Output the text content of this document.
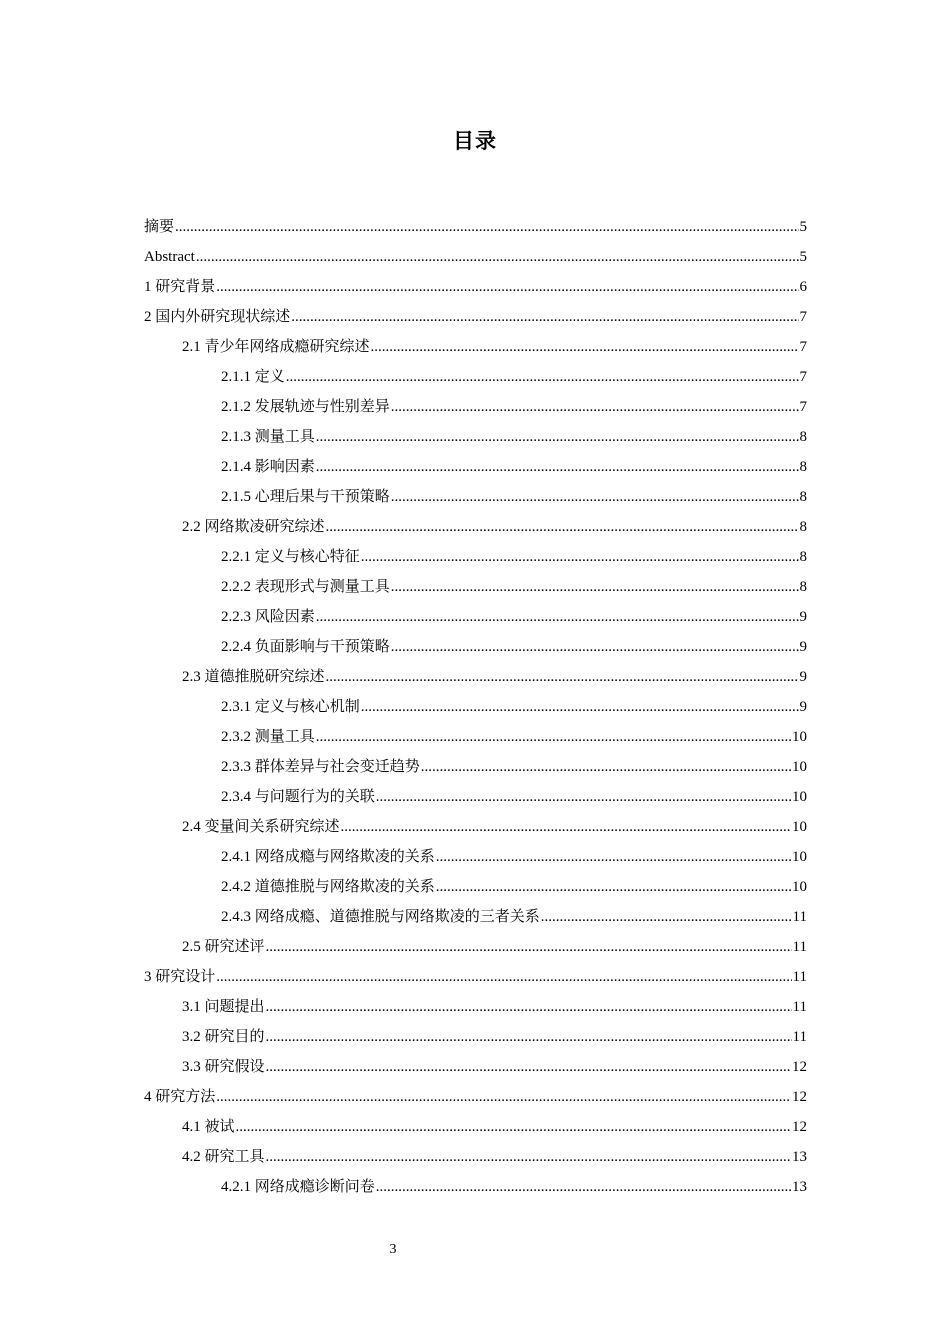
目录
摘要 .....	5
Abstract .....	5
1 研究背景 .....	6
2 国内外研究现状综述 .....	7
2.1 青少年网络成瘾研究综述 .....	7
2.1.1 定义 .....	7
2.1.2 发展轨迹与性别差异 .....	7
2.1.3 测量工具 .....	8
2.1.4 影响因素 .....	8
2.1.5 心理后果与干预策略 .....	8
2.2 网络欺凌研究综述 .....	8
2.2.1 定义与核心特征 .....	8
2.2.2 表现形式与测量工具 .....	8
2.2.3 风险因素 .....	9
2.2.4 负面影响与干预策略 .....	9
2.3 道德推脱研究综述 .....	9
2.3.1 定义与核心机制 .....	9
2.3.2 测量工具 .....	10
2.3.3 群体差异与社会变迁趋势 .....	10
2.3.4 与问题行为的关联 .....	10
2.4 变量间关系研究综述 .....	10
2.4.1 网络成瘾与网络欺凌的关系 .....	10
2.4.2 道德推脱与网络欺凌的关系 .....	10
2.4.3 网络成瘾、道德推脱与网络欺凌的三者关系 .....	11
2.5 研究述评 .....	11
3 研究设计 .....	11
3.1 问题提出 .....	11
3.2 研究目的 .....	11
3.3 研究假设 .....	12
4 研究方法 .....	12
4.1 被试 .....	12
4.2 研究工具 .....	13
4.2.1 网络成瘾诊断问卷 .....	13
3
